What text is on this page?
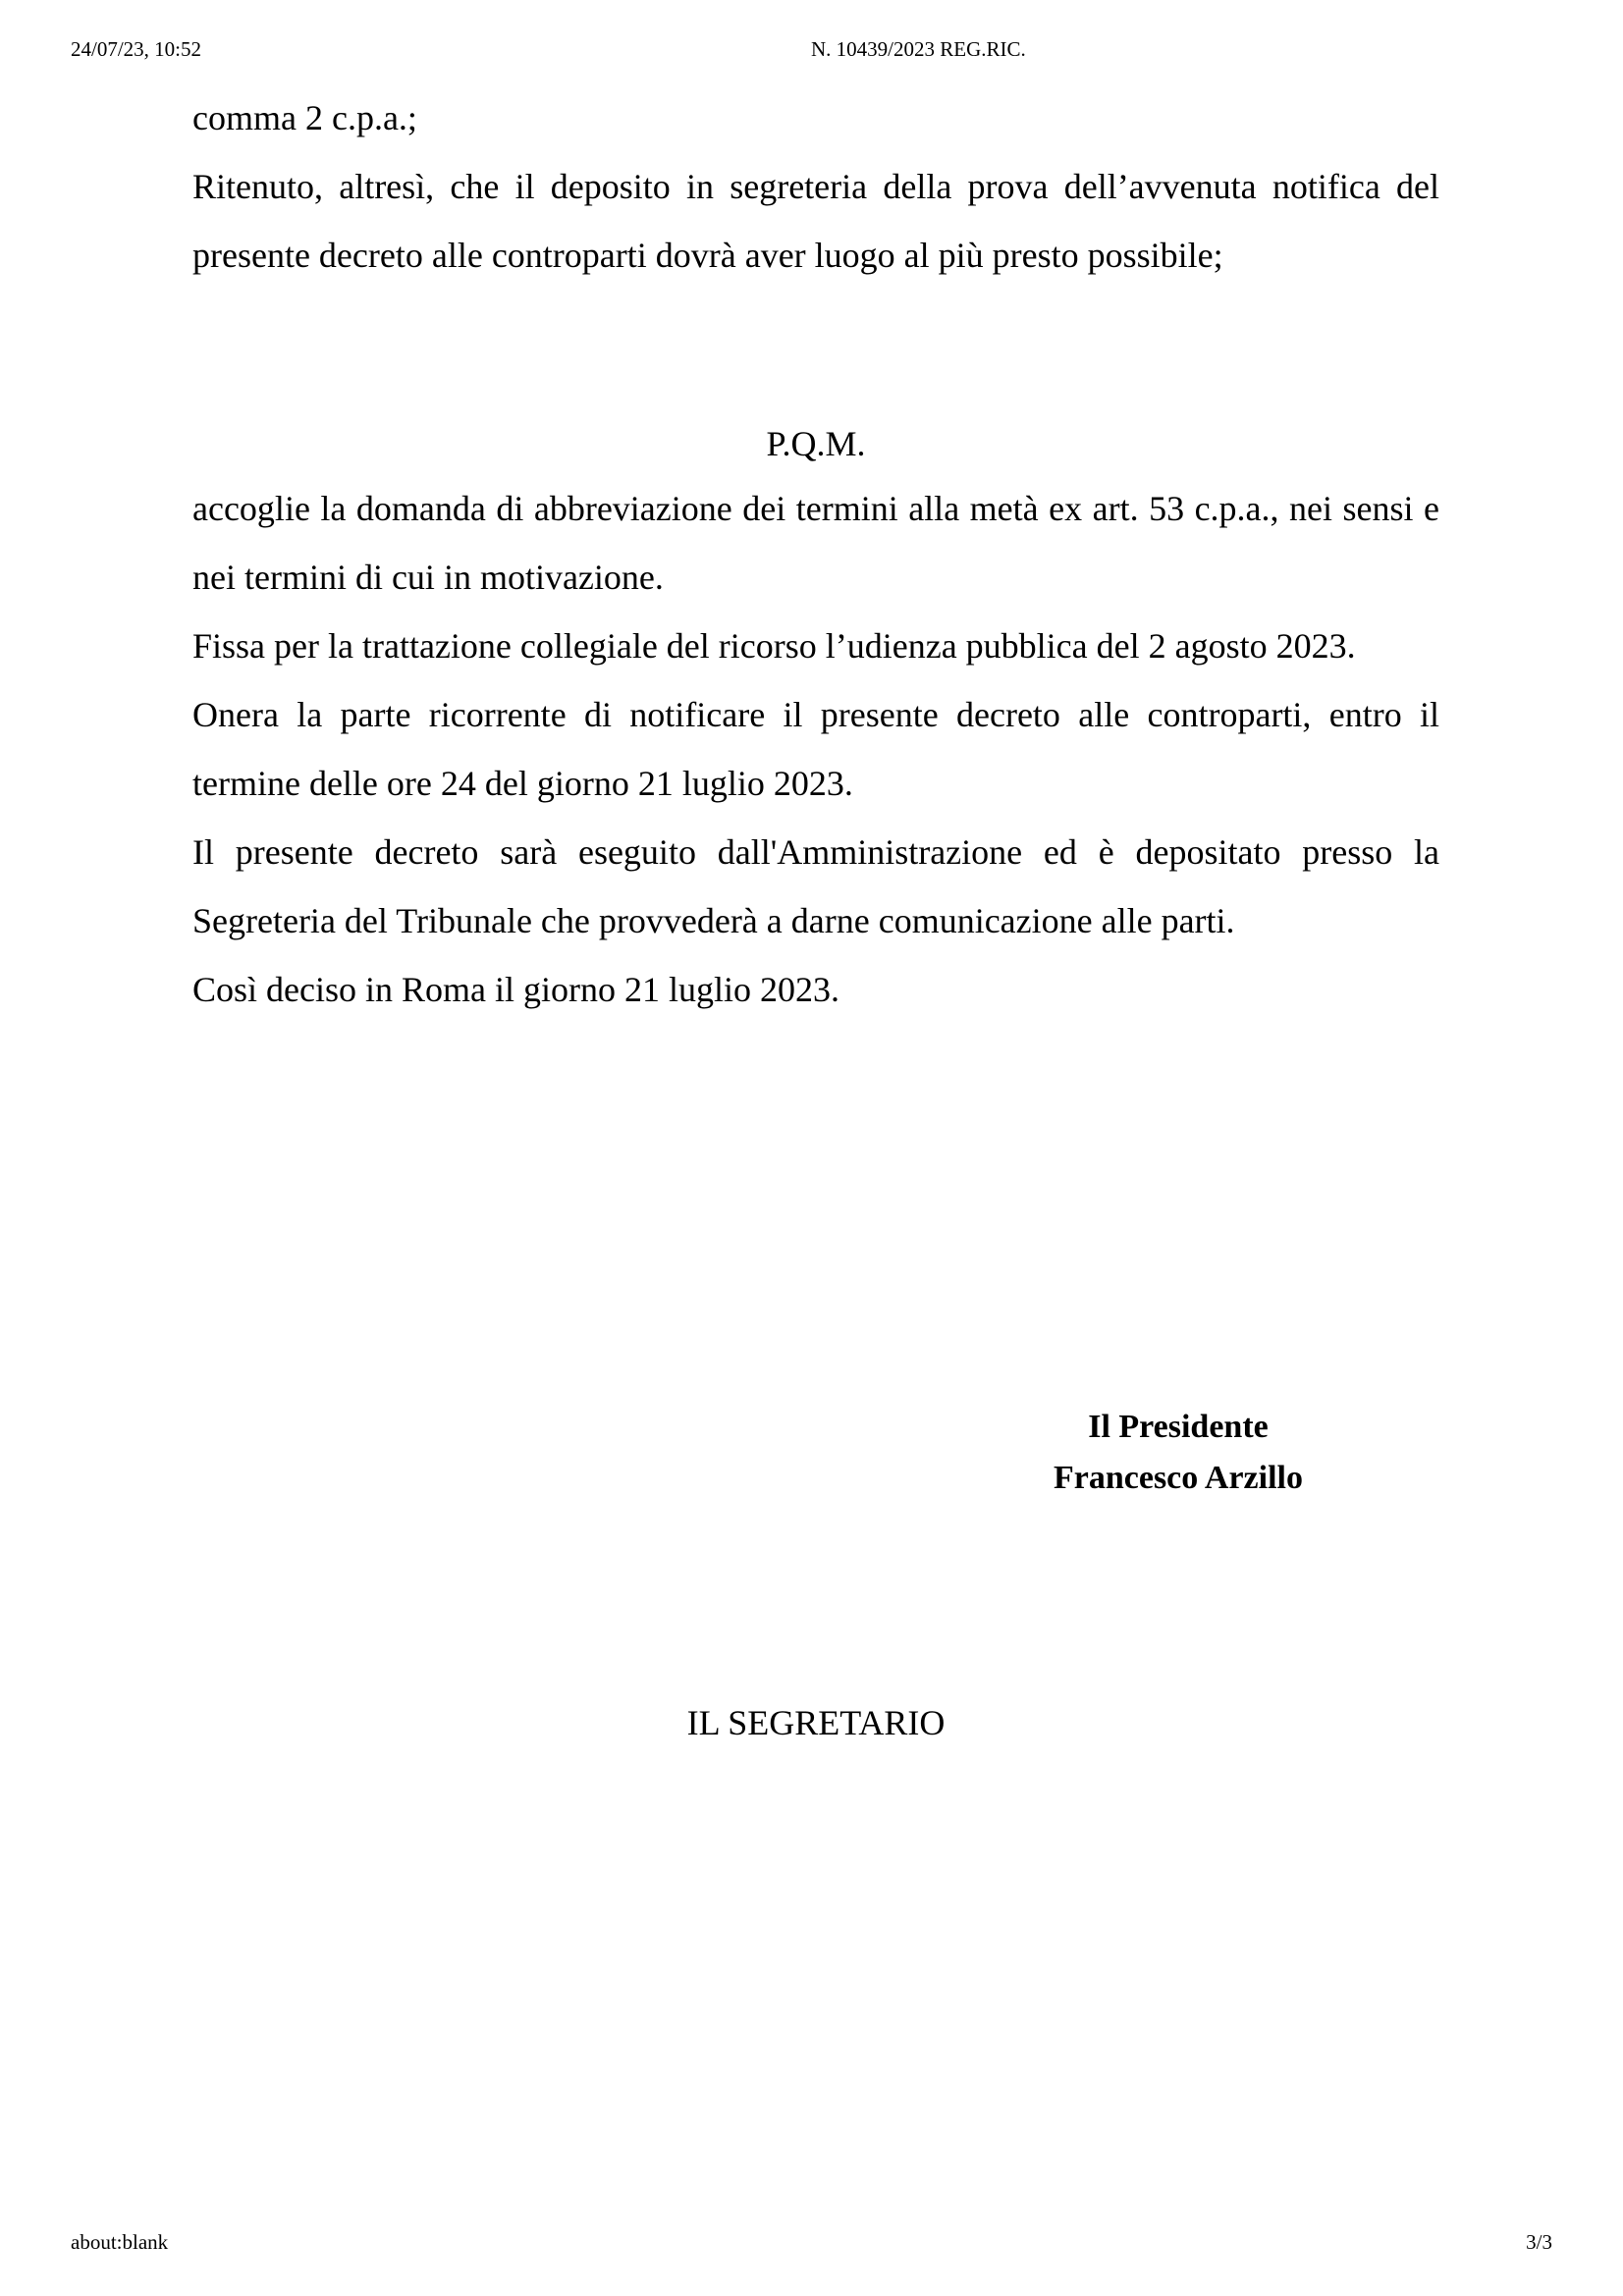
24/07/23, 10:52	N. 10439/2023 REG.RIC.

comma 2 c.p.a.;

Ritenuto, altresì, che il deposito in segreteria della prova dell’avvenuta notifica del presente decreto alle controparti dovrà aver luogo al più presto possibile;

P.Q.M.

accoglie la domanda di abbreviazione dei termini alla metà ex art. 53 c.p.a., nei sensi e nei termini di cui in motivazione.

Fissa per la trattazione collegiale del ricorso l’udienza pubblica del 2 agosto 2023.

Onera la parte ricorrente di notificare il presente decreto alle controparti, entro il termine delle ore 24 del giorno 21 luglio 2023.

Il presente decreto sarà eseguito dall'Amministrazione ed è depositato presso la Segreteria del Tribunale che provvederà a darne comunicazione alle parti.

Così deciso in Roma il giorno 21 luglio 2023.

Il Presidente
Francesco Arzillo
IL SEGRETARIO
about:blank	3/3
